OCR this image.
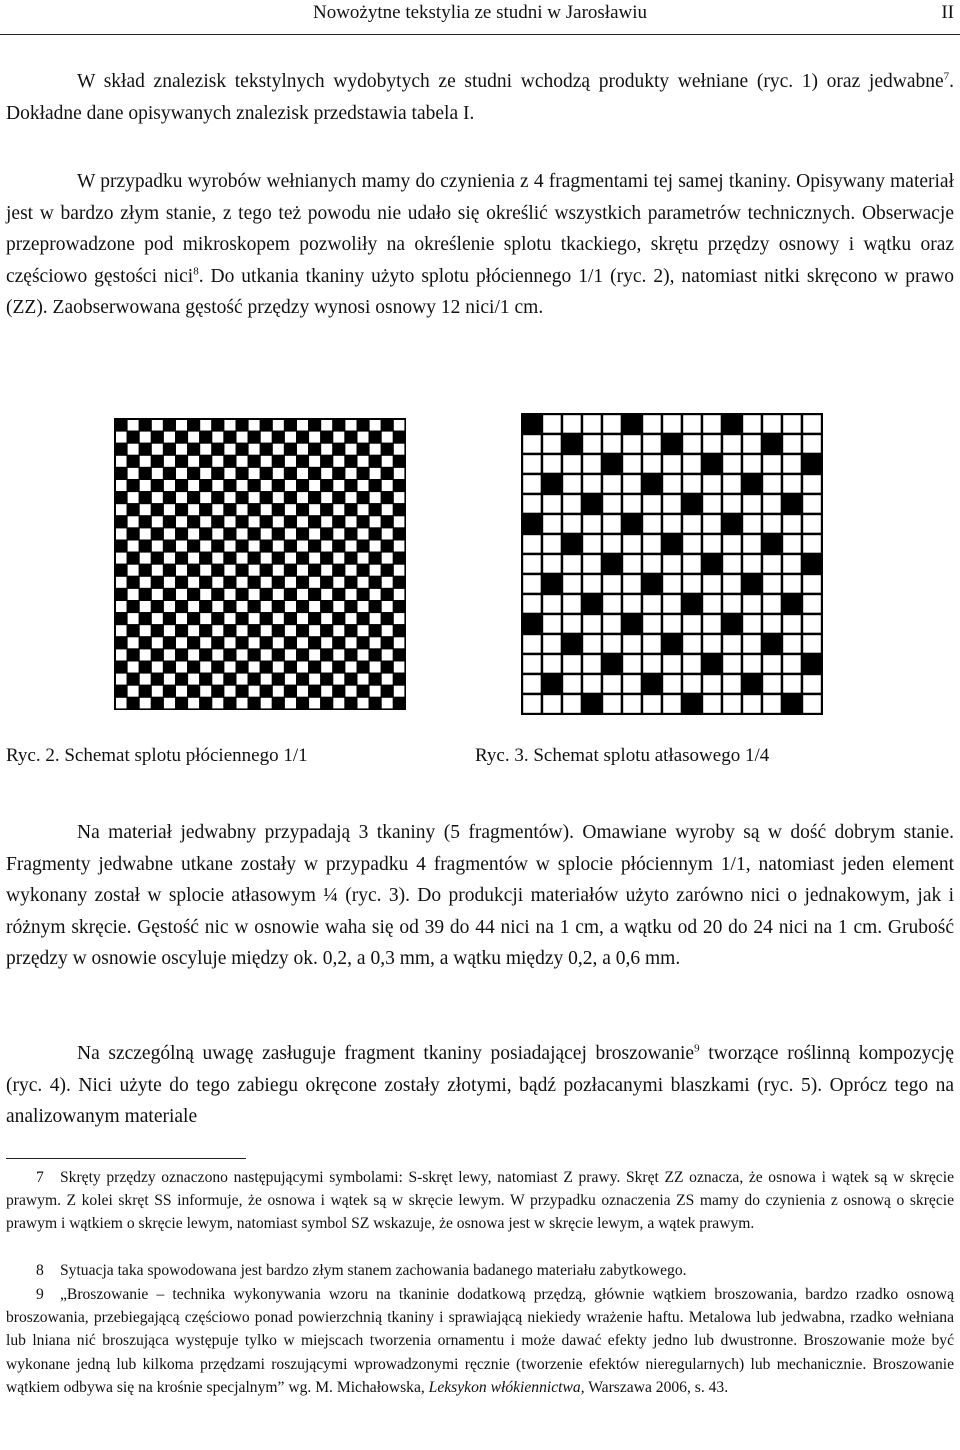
Nowożytne tekstylia ze studni w Jarosławiu	II
W skład znalezisk tekstylnych wydobytych ze studni wchodzą produkty wełniane (ryc. 1) oraz jedwabne$^7$. Dokładne dane opisywanych znalezisk przedstawia tabela I.
W przypadku wyrobów wełnianych mamy do czynienia z 4 fragmentami tej samej tkaniny. Opisywany materiał jest w bardzo złym stanie, z tego też powodu nie udało się określić wszystkich parametrów technicznych. Obserwacje przeprowadzone pod mikroskopem pozwoliły na określenie splotu tkackiego, skrętu przędzy osnowy i wątku oraz częściowo gęstości nici$^8$. Do utkania tkaniny użyto splotu płóciennego 1/1 (ryc. 2), natomiast nitki skręcono w prawo (ZZ). Zaobserwowana gęstość przędzy wynosi osnowy 12 nici/1 cm.
Ryc. 2. Schemat splotu płóciennego 1/1	Ryc. 3. Schemat splotu atłasowego 1/4
Na materiał jedwabny przypadają 3 tkaniny (5 fragmentów). Omawiane wyroby są w dość dobrym stanie. Fragmenty jedwabne utkane zostały w przypadku 4 fragmentów w splocie płóciennym 1/1, natomiast jeden element wykonany został w splocie atłasowym ¼ (ryc. 3). Do produkcji materiałów użyto zarówno nici o jednakowym, jak i różnym skręcie. Gęstość nic w osnowie waha się od 39 do 44 nici na 1 cm, a wątku od 20 do 24 nici na 1 cm. Grubość przędzy w osnowie oscyluje między ok. 0,2, a 0,3 mm, a wątku między 0,2, a 0,6 mm.
Na szczególną uwagę zasługuje fragment tkaniny posiadającej broszowanie$^9$ tworzące roślinną kompozycję (ryc. 4). Nici użyte do tego zabiegu okręcone zostały złotymi, bądź pozłacanymi blaszkami (ryc. 5). Oprócz tego na analizowanym materiale
7 Skręty przędzy oznaczono następującymi symbolami: S-skręt lewy, natomiast Z prawy. Skręt ZZ oznacza, że osnowa i wątek są w skręcie prawym. Z kolei skręt SS informuje, że osnowa i wątek są w skręcie lewym. W przypadku oznaczenia ZS mamy do czynienia z osnową o skręcie prawym i wątkiem o skręcie lewym, natomiast symbol SZ wskazuje, że osnowa jest w skręcie lewym, a wątek prawym.
8 Sytuacja taka spowodowana jest bardzo złym stanem zachowania badanego materiału zabytkowego.
9 „Broszowanie – technika wykonywania wzoru na tkaninie dodatkową przędzą, głównie wątkiem broszowania, bardzo rzadko osnową broszowania, przebiegającą częściowo ponad powierzchnią tkaniny i sprawiającą niekiedy wrażenie haftu. Metalowa lub jedwabna, rzadko wełniana lub lniana nić broszująca występuje tylko w miejscach tworzenia ornamentu i może dawać efekty jedno lub dwustronne. Broszowanie może być wykonane jedną lub kilkoma przędzami roszującymi wprowadzonymi ręcznie (tworzenie efektów nieregularnych) lub mechanicznie. Broszowanie wątkiem odbywa się na krośnie specjalnym” wg. M. Michałowska, Leksykon włókiennictwa, Warszawa 2006, s. 43.
